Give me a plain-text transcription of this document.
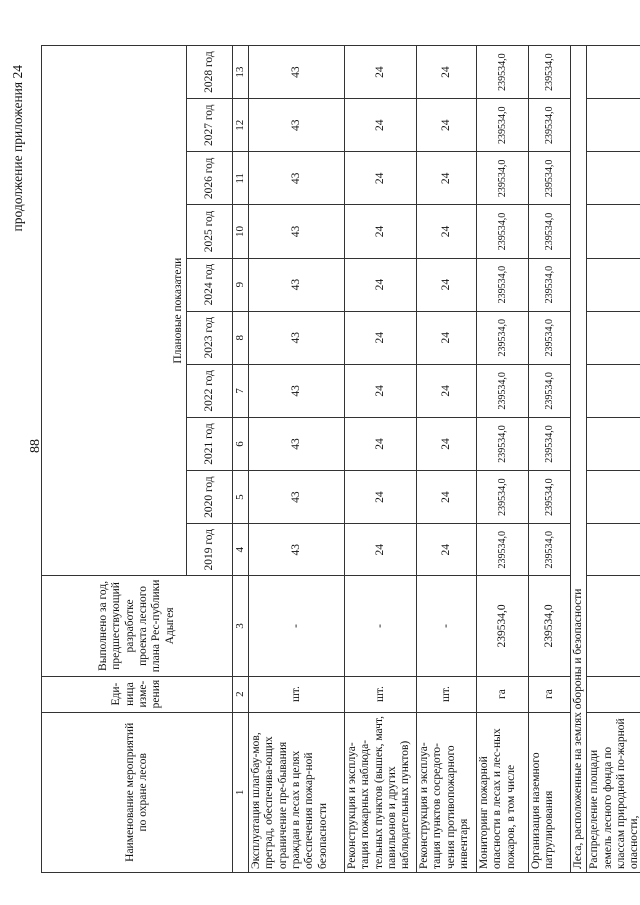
88
продолжение приложения 24
Наименование мероприятий по охране лесов	Еди-ница изме-рения	Выполнено за год, предшествующий разработке проекта лесного плана Рес-публики Адыгея	Плановые показатели									
			2019 год	2020 год	2021 год	2022 год	2023 год	2024 год	2025 год	2026 год	2027 год	2028 год
1	2	3	4	5	6	7	8	9	10	11	12	13
Эксплуатация шлагбау-мов, преград, обеспечива-ющих ограничение пре-бывания граждан в лесах в целях обеспечения пожар-ной безопасности	шт.	-	43	43	43	43	43	43	43	43	43	43
Реконструкция и эксплуа-тация пожарных наблюда-тельных пунктов (вышек, мачт, павильонов и других наблюдательных пунктов)	шт.	-	24	24	24	24	24	24	24	24	24	24
Реконструкция и эксплуа-тация пунктов сосредото-чения противопожарного инвентаря	шт.	-	24	24	24	24	24	24	24	24	24	24
Мониторинг пожарной опасности в лесах и лес-ных пожаров, в том числе	га	239534,0	239534,0	239534,0	239534,0	239534,0	239534,0	239534,0	239534,0	239534,0	239534,0	239534,0
Организация наземного патрулирования	га	239534,0	239534,0	239534,0	239534,0	239534,0	239534,0	239534,0	239534,0	239534,0	239534,0	239534,0
Леса, расположенные на землях обороны и безопасности												
Распределение площади земель лесного фонда по классам природной по-жарной опасности,												
